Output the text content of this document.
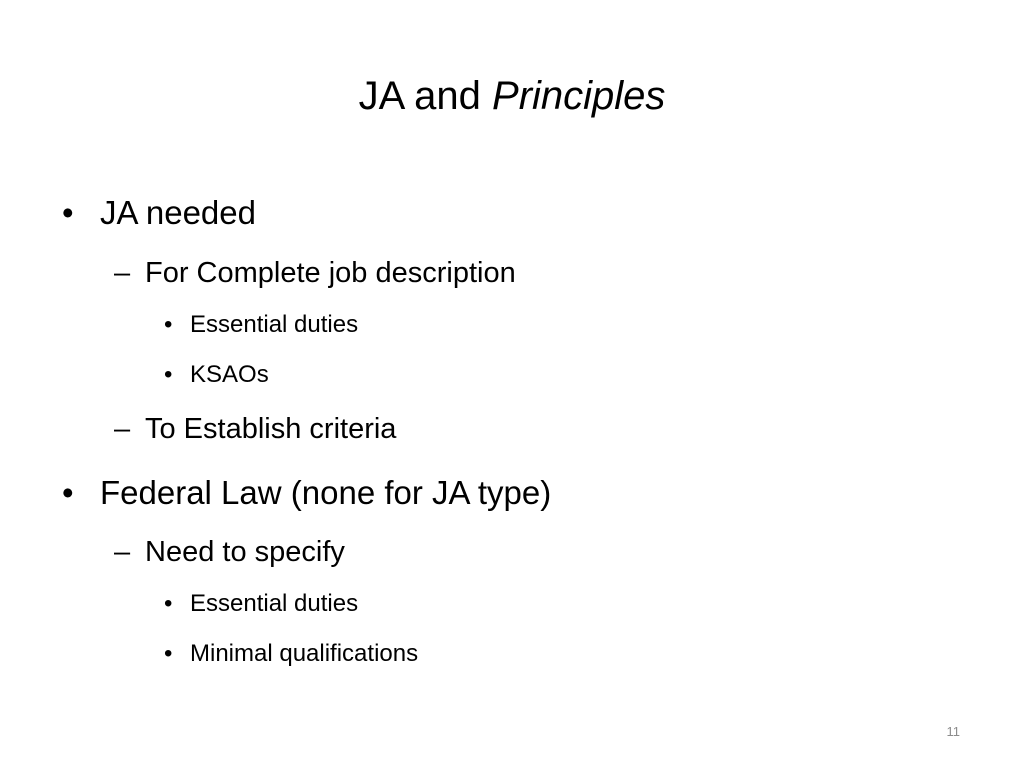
JA and Principles
• JA needed
– For Complete job description
• Essential duties
• KSAOs
– To Establish criteria
• Federal Law (none for JA type)
– Need to specify
• Essential duties
• Minimal qualifications
11
